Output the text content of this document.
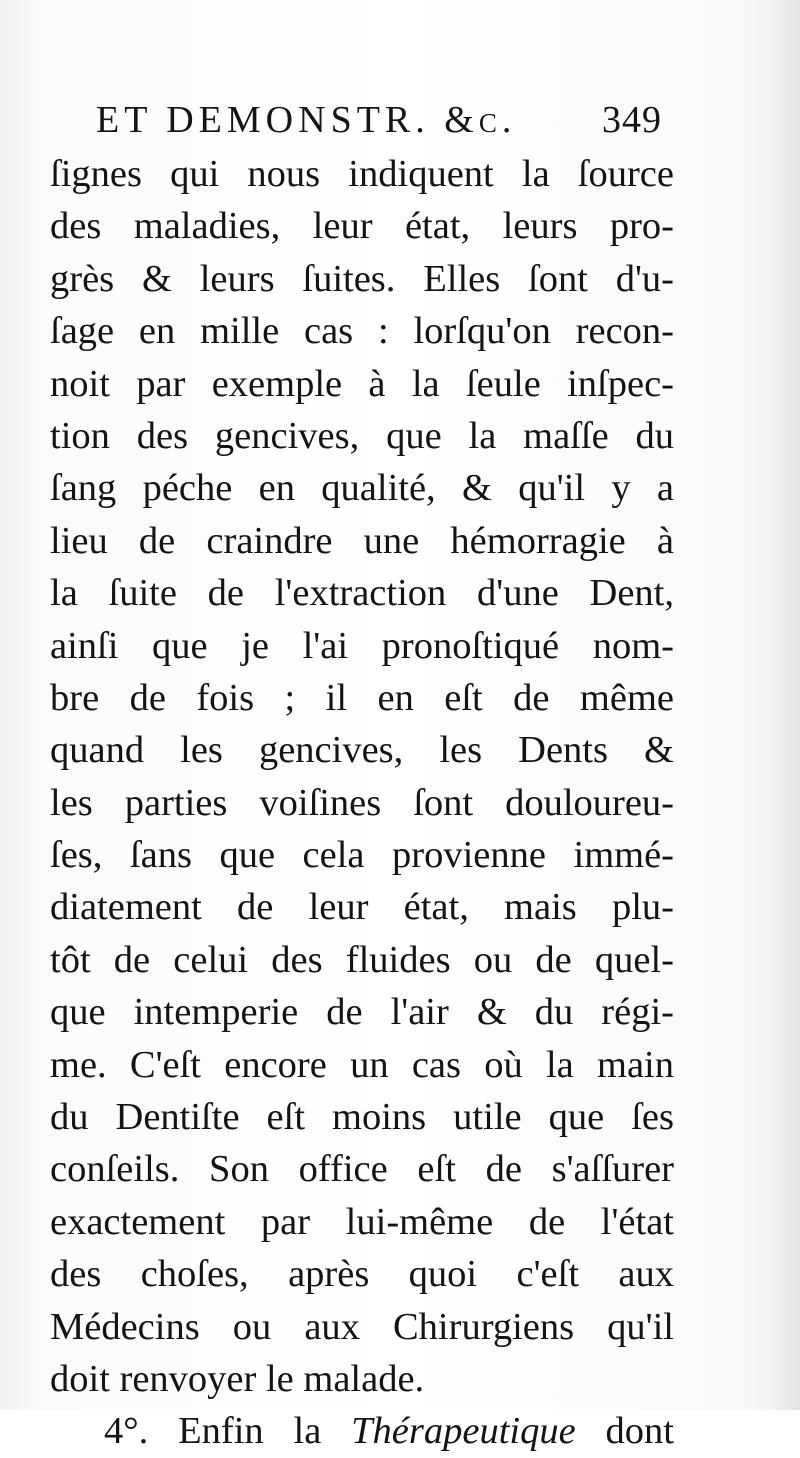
ET DEMONSTR. &c. 349
ſignes qui nous indiquent la ſource
des maladies, leur état, leurs pro-
grès & leurs ſuites. Elles ſont d'u-
ſage en mille cas : lorſqu'on recon-
noit par exemple à la ſeule inſpec-
tion des gencives, que la maſſe du
ſang péche en qualité, & qu'il y a
lieu de craindre une hémorragie à
la ſuite de l'extraction d'une Dent,
ainſi que je l'ai pronoſtiqué nom-
bre de fois ; il en eſt de même
quand les gencives, les Dents &
les parties voiſines ſont douloureu-
ſes, ſans que cela provienne immé-
diatement de leur état, mais plu-
tôt de celui des fluides ou de quel-
que intemperie de l'air & du régi-
me. C'eſt encore un cas où la main
du Dentiſte eſt moins utile que ſes
conſeils. Son office eſt de s'aſſurer
exactement par lui-même de l'état
des choſes, après quoi c'eſt aux
Médecins ou aux Chirurgiens qu'il
doit renvoyer le malade.
4°. Enfin la Thérapeutique dont
